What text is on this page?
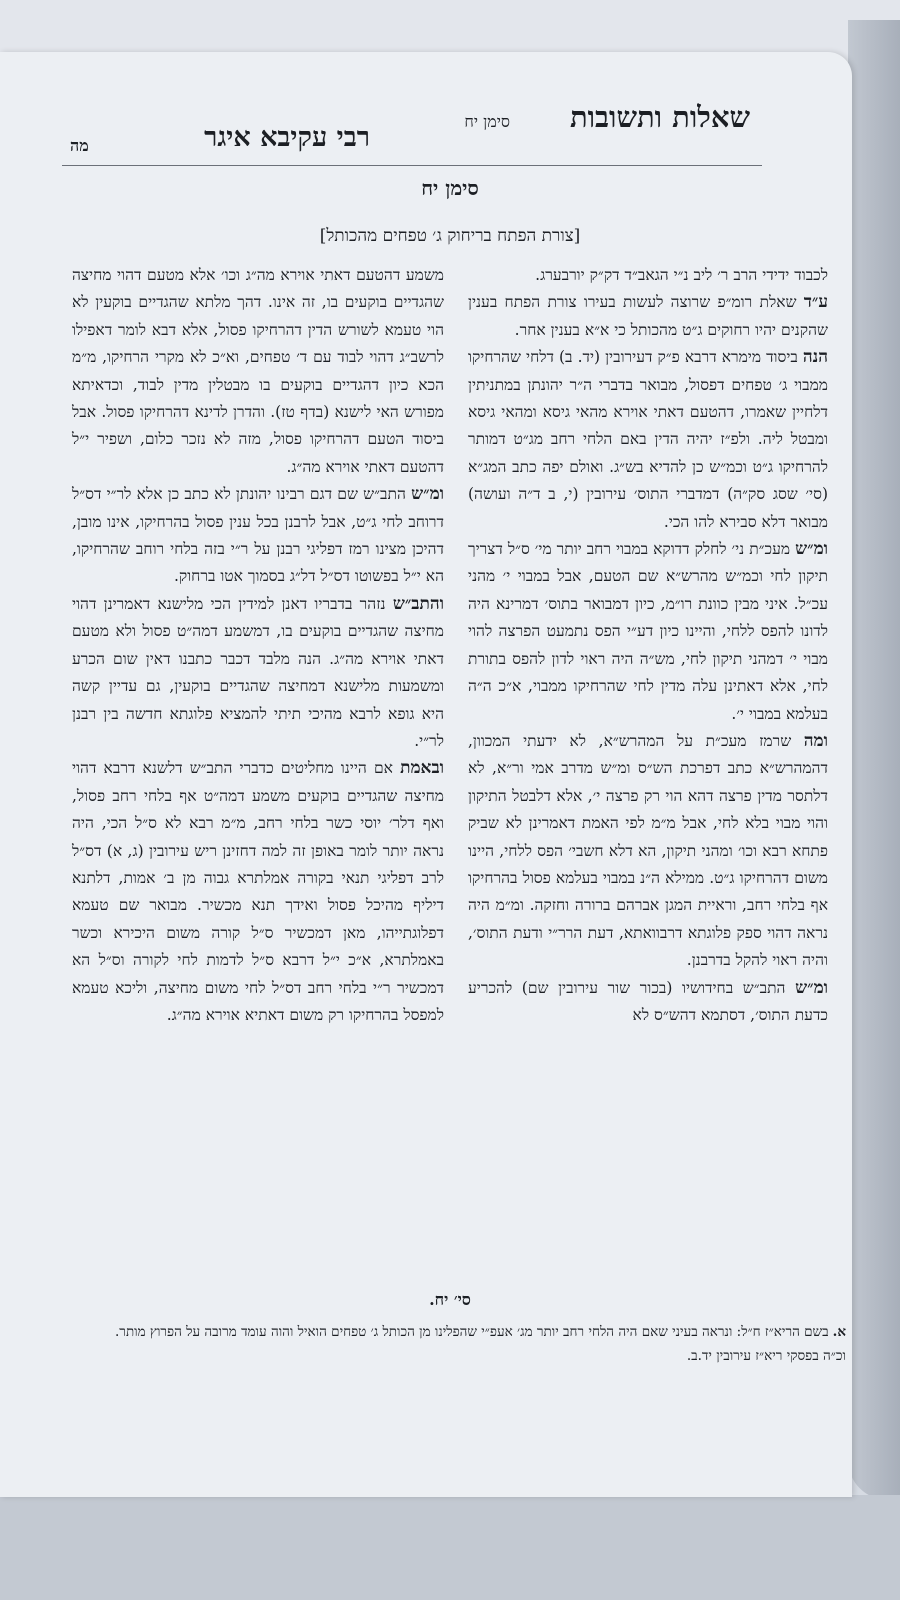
שאלות ותשובות
סימן יח
רבי עקיבא איגר
מה
סימן יח
[צורת הפתח בריחוק ג׳ טפחים מהכותל]

לכבוד ידידי הרב ר׳ ליב נ״י הגאב״ד דק״ק יורבערג.

ע״ד שאלת רומ״פ שרוצה לעשות בעירו צורת הפתח בענין שהקנים יהיו רחוקים ג״ט מהכותל כי א״א בענין אחר.

הנה ביסוד מימרא דרבא פ״ק דעירובין (יד. ב) דלחי שהרחיקו ממבוי ג׳ טפחים דפסול, מבואר בדברי ה״ר יהונתן במתניתין דלחיין שאמרו, דהטעם דאתי אוירא מהאי גיסא ומהאי גיסא ומבטל ליה. ולפ״ז יהיה הדין באם הלחי רחב מג״ט דמותר להרחיקו ג״ט וכמ״ש כן להדיא בש״ג. ואולם יפה כתב המג״א (סי׳ שסג סק״ה) דמדברי התוס׳ עירובין (י, ב ד״ה ועושה) מבואר דלא סבירא להו הכי.

ומ״ש מעכ״ת ני׳ לחלק דדוקא במבוי רחב יותר מי׳ ס״ל דצריך תיקון לחי וכמ״ש מהרש״א שם הטעם, אבל במבוי י׳ מהני עכ״ל. איני מבין כוונת רו״מ, כיון דמבואר בתוס׳ דמרינא היה לדונו להפס ללחי, והיינו כיון דע״י הפס נתמעט הפרצה להוי מבוי י׳ דמהני תיקון לחי, מש״ה היה ראוי לדון להפס בתורת לחי, אלא דאתינן עלה מדין לחי שהרחיקו ממבוי, א״כ ה״ה בעלמא במבוי י׳.

ומה שרמז מעכ״ת על המהרש״א, לא ידעתי המכוון, דהמהרש״א כתב דפרכת הש״ס ומ״ש מדרב אמי ור״א, לא דלתסר מדין פרצה דהא הוי רק פרצה י׳, אלא דלבטל התיקון והוי מבוי בלא לחי, אבל מ״מ לפי האמת דאמרינן לא שביק פתחא רבא וכו׳ ומהני תיקון, הא דלא חשבי׳ הפס ללחי, היינו משום דהרחיקו ג״ט. ממילא ה״נ במבוי בעלמא פסול בהרחיקו אף בלחי רחב, וראיית המגן אברהם ברורה וחזקה. ומ״מ היה נראה דהוי ספק פלוגתא דרבוואתא, דעת הרר״י ודעת התוס׳, והיה ראוי להקל בדרבנן.

ומ״ש התב״ש בחידושיו (בכור שור עירובין שם) להכריע כדעת התוס׳, דסתמא דהש״ס לא

משמע דהטעם דאתי אוירא מה״ג וכו׳ אלא מטעם דהוי מחיצה שהגדיים בוקעים בו, זה אינו. דהך מלתא שהגדיים בוקעין לא הוי טעמא לשורש הדין דהרחיקו פסול, אלא דבא לומר דאפילו לרשב״ג דהוי לבוד עם ד׳ טפחים, וא״כ לא מקרי הרחיקו, מ״מ הכא כיון דהגדיים בוקעים בו מבטלין מדין לבוד, וכדאיתא מפורש האי לישנא (בדף טז). והדרן לדינא דהרחיקו פסול. אבל ביסוד הטעם דהרחיקו פסול, מזה לא נזכר כלום, ושפיר י״ל דהטעם דאתי אוירא מה״ג.

ומ״ש התב״ש שם דגם רבינו יהונתן לא כתב כן אלא לר״י דס״ל דרוחב לחי ג״ט, אבל לרבנן בכל ענין פסול בהרחיקו, אינו מובן, דהיכן מצינו רמז דפליגי רבנן על ר״י בזה בלחי רוחב שהרחיקו, הא י״ל בפשוטו דס״ל דל״ג בסמוך אטו ברחוק.

והתב״ש נזהר בדבריו דאנן למידין הכי מלישנא דאמרינן דהוי מחיצה שהגדיים בוקעים בו, דמשמע דמה״ט פסול ולא מטעם דאתי אוירא מה״ג. הנה מלבד דכבר כתבנו דאין שום הכרע ומשמעות מלישנא דמחיצה שהגדיים בוקעין, גם עדיין קשה היא גופא לרבא מהיכי תיתי להמציא פלוגתא חדשה בין רבנן לר״י.

ובאמת אם היינו מחליטים כדברי התב״ש דלשנא דרבא דהוי מחיצה שהגדיים בוקעים משמע דמה״ט אף בלחי רחב פסול, ואף דלר׳ יוסי כשר בלחי רחב, מ״מ רבא לא ס״ל הכי, היה נראה יותר לומר באופן זה למה דחזינן ריש עירובין (ג, א) דס״ל לרב דפליגי תנאי בקורה אמלתרא גבוה מן ב׳ אמות, דלתנא דיליף מהיכל פסול ואידך תנא מכשיר. מבואר שם טעמא דפלוגתייהו, מאן דמכשיר ס״ל קורה משום היכירא וכשר באמלתרא, א״כ י״ל דרבא ס״ל לדמות לחי לקורה וס״ל הא דמכשיר ר״י בלחי רחב דס״ל לחי משום מחיצה, וליכא טעמא למפסל בהרחיקו רק משום דאתיא אוירא מה״ג.

סי׳ יח.
א.בשם הריא״ז ח״ל: ונראה בעיני שאם היה הלחי רחב יותר מג׳ אעפ״י שהפלינו מן הכותל ג׳ טפחים הואיל והוה עומד מרובה על הפרוץ מותר. וכ״ה בפסקי ריא״ז עירובין יד.ב.
